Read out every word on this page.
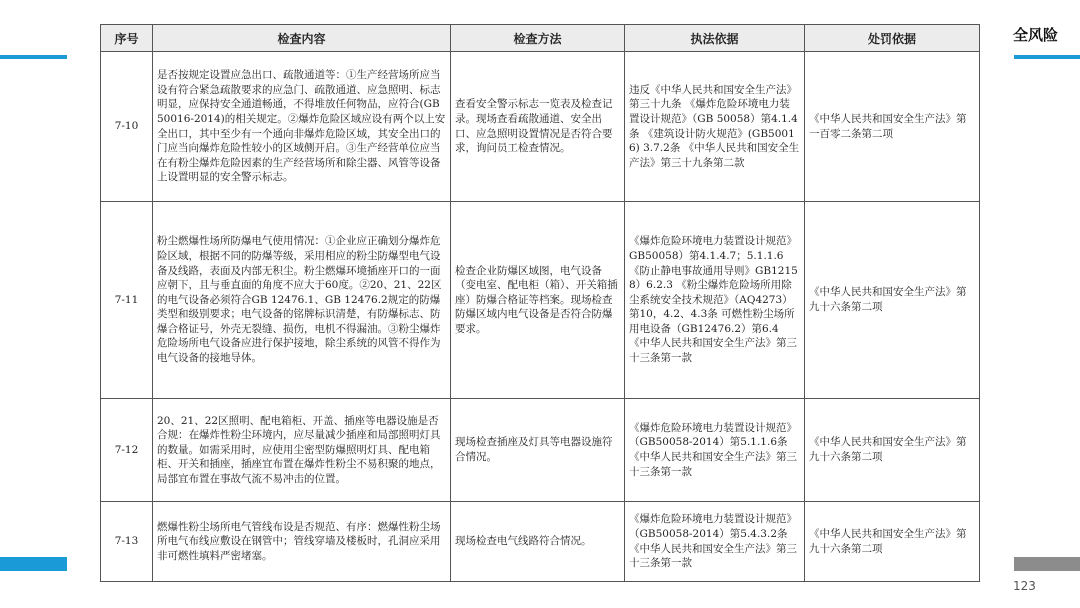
全风险
123
序号	检查内容	检查方法	执法依据	处罚依据
7-10	是否按规定设置应急出口、疏散通道等：①生产经营场所应当设有符合紧急疏散要求的应急门、疏散通道、应急照明、标志明显，应保持安全通道畅通，不得堆放任何物品，应符合(GB50016-2014)的相关规定。②爆炸危险区域应设有两个以上安全出口，其中至少有一个通向非爆炸危险区域，其安全出口的门应当向爆炸危险性较小的区域侧开启。③生产经营单位应当在有粉尘爆炸危险因素的生产经营场所和除尘器、风管等设备上设置明显的安全警示标志。	查看安全警示标志一览表及检查记录。现场查看疏散通道、安全出口、应急照明设置情况是否符合要求，询问员工检查情况。	违反《中华人民共和国安全生产法》第三十九条 《爆炸危险环境电力装置设计规范》（GB 50058）第4.1.4条 《建筑设计防火规范》(GB50016) 3.7.2条 《中华人民共和国安全生产法》第三十九条第二款	《中华人民共和国安全生产法》第一百零二条第二项
7-11	粉尘燃爆性场所防爆电气使用情况：①企业应正确划分爆炸危险区域，根据不同的防爆等级，采用相应的粉尘防爆型电气设备及线路，表面及内部无积尘。粉尘燃爆环境插座开口的一面应朝下，且与垂直面的角度不应大于60度。②20、21、22区的电气设备必须符合GB 12476.1、GB 12476.2规定的防爆类型和级别要求；电气设备的铭牌标识清楚，有防爆标志、防爆合格证号，外壳无裂缝、损伤，电机不得漏油。③粉尘爆炸危险场所电气设备应进行保护接地，除尘系统的风管不得作为电气设备的接地导体。	检查企业防爆区域图，电气设备（变电室、配电柜（箱）、开关箱插座）防爆合格证等档案。现场检查防爆区域内电气设备是否符合防爆要求。	《爆炸危险环境电力装置设计规范》GB50058）第4.1.4.7；5.1.1.6 《防止静电事故通用导则》GB12158）6.2.3 《粉尘爆炸危险场所用除尘系统安全技术规范》（AQ4273）第10，4.2、4.3条 可燃性粉尘场所用电设备（GB12476.2）第6.4 《中华人民共和国安全生产法》第三十三条第一款	《中华人民共和国安全生产法》第九十六条第二项
7-12	20、21、22区照明、配电箱柜、开盖、插座等电器设施是否合规：在爆炸性粉尘环境内，应尽量减少插座和局部照明灯具的数量。如需采用时，应使用尘密型防爆照明灯具、配电箱柜、开关和插座，插座宜布置在爆炸性粉尘不易积聚的地点，局部宜布置在事故气流不易冲击的位置。	现场检查插座及灯具等电器设施符合情况。	《爆炸危险环境电力装置设计规范》（GB50058-2014）第5.1.1.6条 《中华人民共和国安全生产法》第三十三条第一款	《中华人民共和国安全生产法》第九十六条第二项
7-13	燃爆性粉尘场所电气管线布设是否规范、有序：燃爆性粉尘场所电气布线应敷设在钢管中；管线穿墙及楼板时，孔洞应采用非可燃性填料严密堵塞。	现场检查电气线路符合情况。	《爆炸危险环境电力装置设计规范》（GB50058-2014）第5.4.3.2条 《中华人民共和国安全生产法》第三十三条第一款	《中华人民共和国安全生产法》第九十六条第二项
